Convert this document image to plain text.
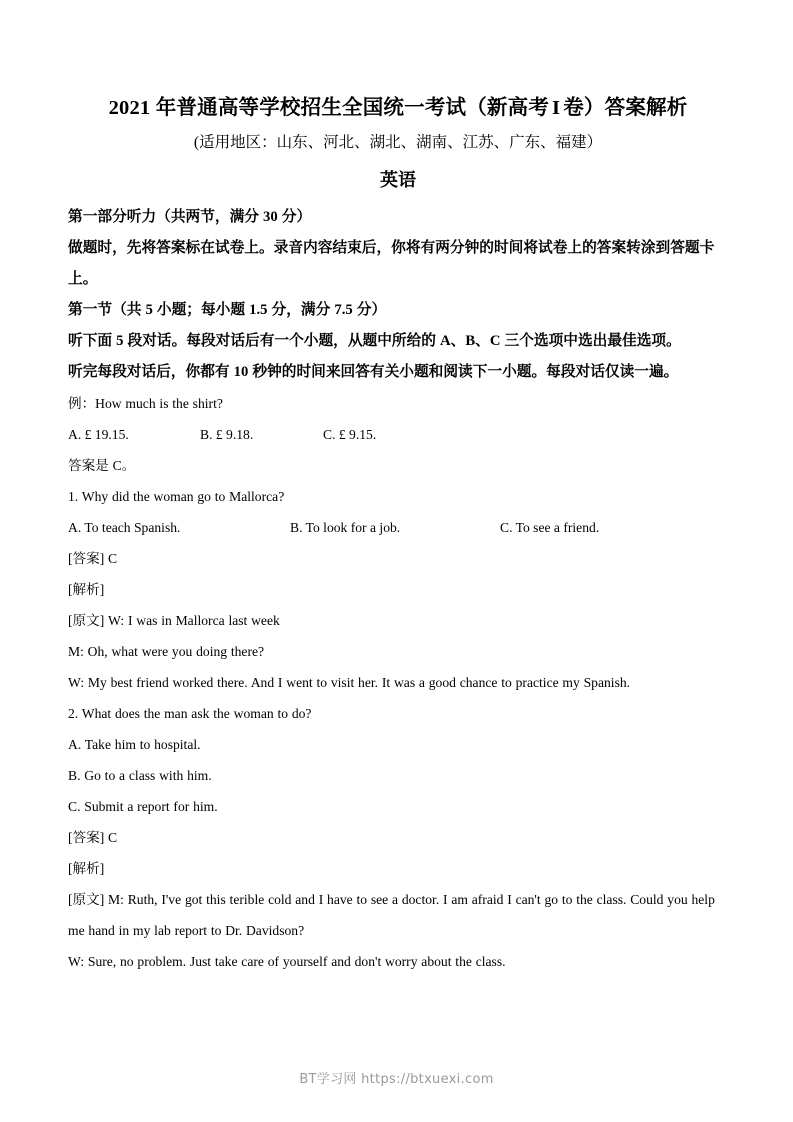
2021 年普通高等学校招生全国统一考试（新高考 I 卷）答案解析
(适用地区：山东、河北、湖北、湖南、江苏、广东、福建）
英语

第一部分听力（共两节，满分 30 分）

做题时，先将答案标在试卷上。录音内容结束后，你将有两分钟的时间将试卷上的答案转涂到答题卡上。

第一节（共 5 小题；每小题 1.5 分，满分 7.5 分）

听下面 5 段对话。每段对话后有一个小题，从题中所给的 A、B、C 三个选项中选出最佳选项。

听完每段对话后，你都有 10 秒钟的时间来回答有关小题和阅读下一小题。每段对话仅读一遍。

例：How much is the shirt?

A. £ 19.15.	B. £ 9.18.	C. £ 9.15.

答案是 C。

1. Why did the woman go to Mallorca?

A. To teach Spanish.	B. To look for a job.	C. To see a friend.

[答案] C

[解析]

[原文] W: I was in Mallorca last week

M: Oh, what were you doing there?

W: My best friend worked there. And I went to visit her. It was a good chance to practice my Spanish.

2. What does the man ask the woman to do?

A. Take him to hospital.

B. Go to a class with him.

C. Submit a report for him.

[答案] C

[解析]

[原文] M: Ruth, I've got this terible cold and I have to see a doctor. I am afraid I can't go to the class. Could you help me hand in my lab report to Dr. Davidson?

W: Sure, no problem. Just take care of yourself and don't worry about the class.

BT学习网 https://btxuexi.com
